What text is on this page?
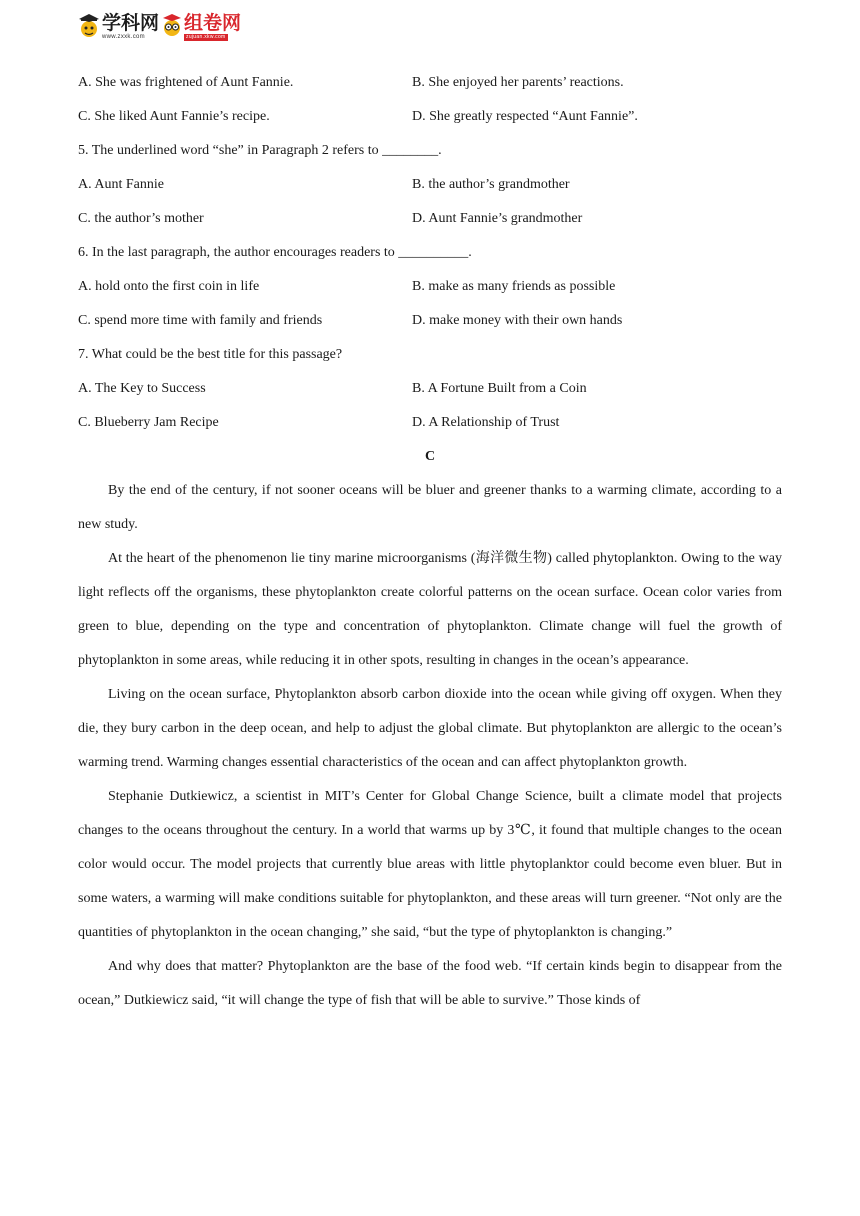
学科网
www.zxxk.com
组卷网
zujuan.xkw.com
A. She was frightened of Aunt Fannie.	B. She enjoyed her parents’ reactions.
C. She liked Aunt Fannie’s recipe.	D. She greatly respected “Aunt Fannie”.
5. The underlined word “she” in Paragraph 2 refers to ________.
A. Aunt Fannie	B. the author’s grandmother
C. the author’s mother	D. Aunt Fannie’s grandmother
6. In the last paragraph, the author encourages readers to __________.
A. hold onto the first coin in life	B. make as many friends as possible
C. spend more time with family and friends	D. make money with their own hands
7. What could be the best title for this passage?
A. The Key to Success	B. A Fortune Built from a Coin
C. Blueberry Jam Recipe	D. A Relationship of Trust
C

By the end of the century, if not sooner oceans will be bluer and greener thanks to a warming climate, according to a new study.

At the heart of the phenomenon lie tiny marine microorganisms (海洋微生物) called phytoplankton. Owing to the way light reflects off the organisms, these phytoplankton create colorful patterns on the ocean surface. Ocean color varies from green to blue, depending on the type and concentration of phytoplankton. Climate change will fuel the growth of phytoplankton in some areas, while reducing it in other spots, resulting in changes in the ocean’s appearance.

Living on the ocean surface, Phytoplankton absorb carbon dioxide into the ocean while giving off oxygen. When they die, they bury carbon in the deep ocean, and help to adjust the global climate. But phytoplankton are allergic to the ocean’s warming trend. Warming changes essential characteristics of the ocean and can affect phytoplankton growth.

Stephanie Dutkiewicz, a scientist in MIT’s Center for Global Change Science, built a climate model that projects changes to the oceans throughout the century. In a world that warms up by 3℃, it found that multiple changes to the ocean color would occur. The model projects that currently blue areas with little phytoplanktor could become even bluer. But in some waters, a warming will make conditions suitable for phytoplankton, and these areas will turn greener. “Not only are the quantities of phytoplankton in the ocean changing,” she said, “but the type of phytoplankton is changing.”

And why does that matter? Phytoplankton are the base of the food web. “If certain kinds begin to disappear from the ocean,” Dutkiewicz said, “it will change the type of fish that will be able to survive.” Those kinds of
